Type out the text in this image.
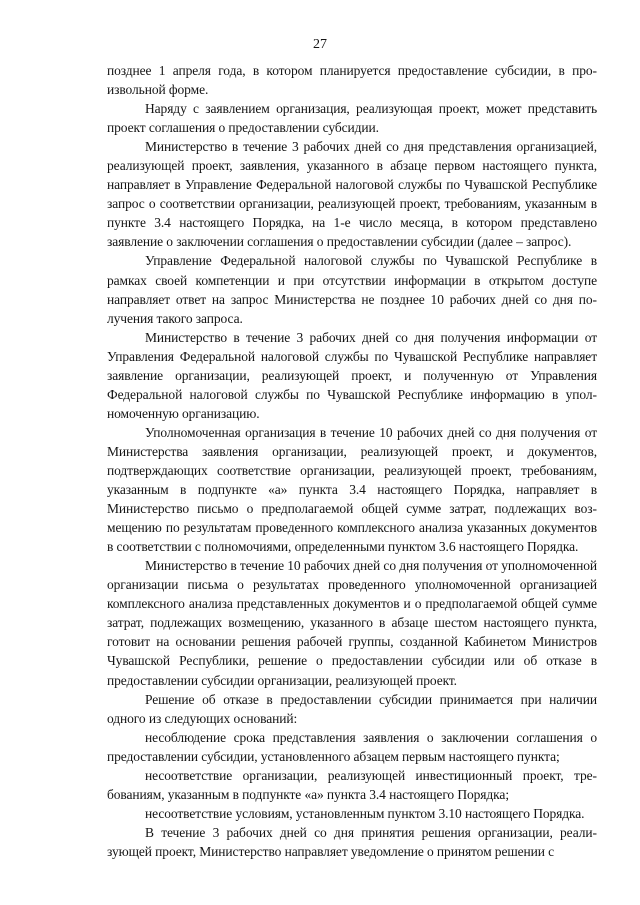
27

позднее 1 апреля года, в котором планируется предоставление субсидии, в произвольной форме.

Наряду с заявлением организация, реализующая проект, может представить проект соглашения о предоставлении субсидии.

Министерство в течение 3 рабочих дней со дня представления организацией, реализующей проект, заявления, указанного в абзаце первом настоящего пункта, направляет в Управление Федеральной налоговой службы по Чувашской Республике запрос о соответствии организации, реализующей проект, требованиям, указанным в пункте 3.4 настоящего Порядка, на 1-е число месяца, в котором представлено заявление о заключении соглашения о предоставлении субсидии (далее – запрос).

Управление Федеральной налоговой службы по Чувашской Республике в рамках своей компетенции и при отсутствии информации в открытом доступе направляет ответ на запрос Министерства не позднее 10 рабочих дней со дня получения такого запроса.

Министерство в течение 3 рабочих дней со дня получения информации от Управления Федеральной налоговой службы по Чувашской Республике направляет заявление организации, реализующей проект, и полученную от Управления Федеральной налоговой службы по Чувашской Республике информацию в уполномоченную организацию.

Уполномоченная организация в течение 10 рабочих дней со дня получения от Министерства заявления организации, реализующей проект, и документов, подтверждающих соответствие организации, реализующей проект, требованиям, указанным в подпункте «а» пункта 3.4 настоящего Порядка, направляет в Министерство письмо о предполагаемой общей сумме затрат, подлежащих возмещению по результатам проведенного комплексного анализа указанных документов в соответствии с полномочиями, определенными пунктом 3.6 настоящего Порядка.

Министерство в течение 10 рабочих дней со дня получения от уполномоченной организации письма о результатах проведенного уполномоченной организацией комплексного анализа представленных документов и о предполагаемой общей сумме затрат, подлежащих возмещению, указанного в абзаце шестом настоящего пункта, готовит на основании решения рабочей группы, созданной Кабинетом Министров Чувашской Республики, решение о предоставлении субсидии или об отказе в предоставлении субсидии организации, реализующей проект.

Решение об отказе в предоставлении субсидии принимается при наличии одного из следующих оснований:

несоблюдение срока представления заявления о заключении соглашения о предоставлении субсидии, установленного абзацем первым настоящего пункта;

несоответствие организации, реализующей инвестиционный проект, требованиям, указанным в подпункте «а» пункта 3.4 настоящего Порядка;

несоответствие условиям, установленным пунктом 3.10 настоящего Порядка.

В течение 3 рабочих дней со дня принятия решения организации, реализующей проект, Министерство направляет уведомление о принятом решении с
